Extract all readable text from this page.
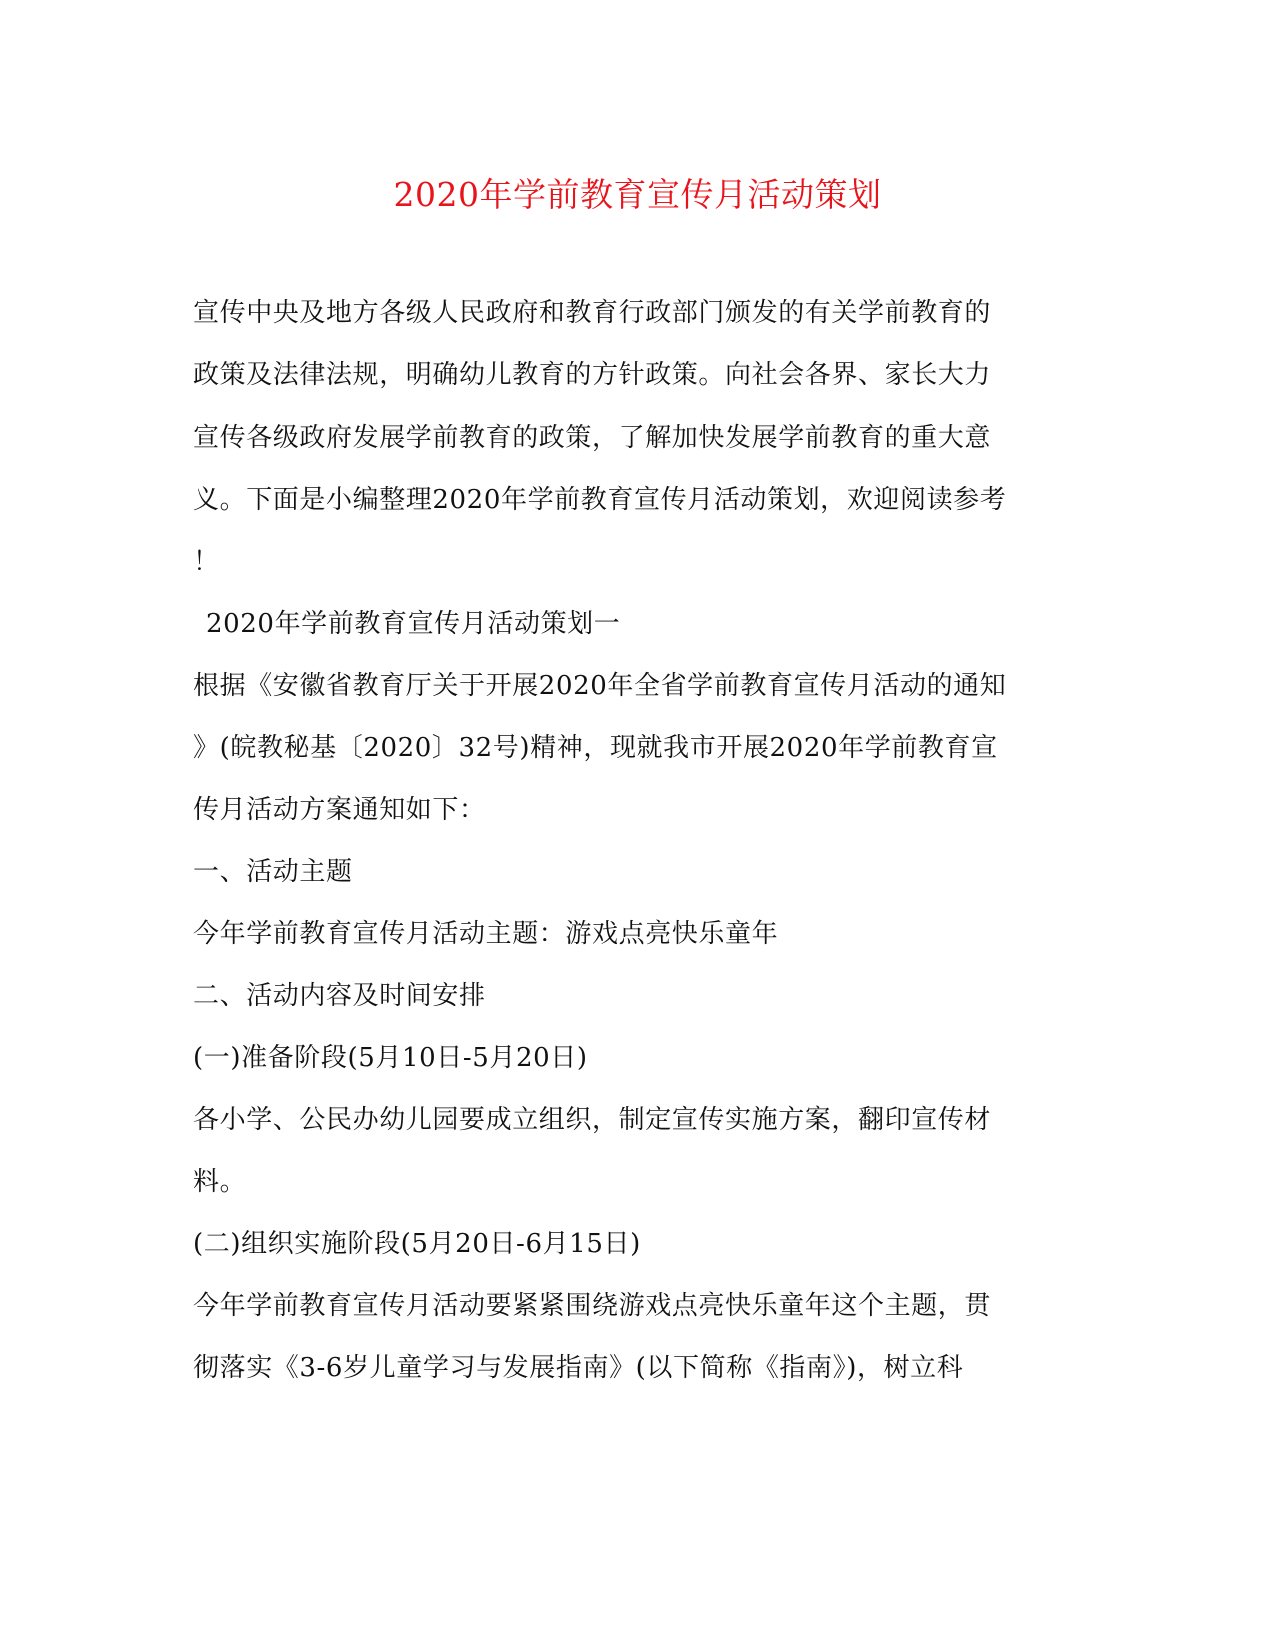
2020年学前教育宣传月活动策划
宣传中央及地方各级人民政府和教育行政部门颁发的有关学前教育的
政策及法律法规，明确幼儿教育的方针政策。向社会各界、家长大力
宣传各级政府发展学前教育的政策，了解加快发展学前教育的重大意
义。下面是小编整理2020年学前教育宣传月活动策划，欢迎阅读参考
！
2020年学前教育宣传月活动策划一
根据《安徽省教育厅关于开展2020年全省学前教育宣传月活动的通知
》(皖教秘基〔2020〕32号)精神，现就我市开展2020年学前教育宣
传月活动方案通知如下：
一、活动主题
今年学前教育宣传月活动主题：游戏点亮快乐童年
二、活动内容及时间安排
(一)准备阶段(5月10日-5月20日)
各小学、公民办幼儿园要成立组织，制定宣传实施方案，翻印宣传材
料。
(二)组织实施阶段(5月20日-6月15日)
今年学前教育宣传月活动要紧紧围绕游戏点亮快乐童年这个主题，贯
彻落实《3-6岁儿童学习与发展指南》(以下简称《指南》)，树立科
